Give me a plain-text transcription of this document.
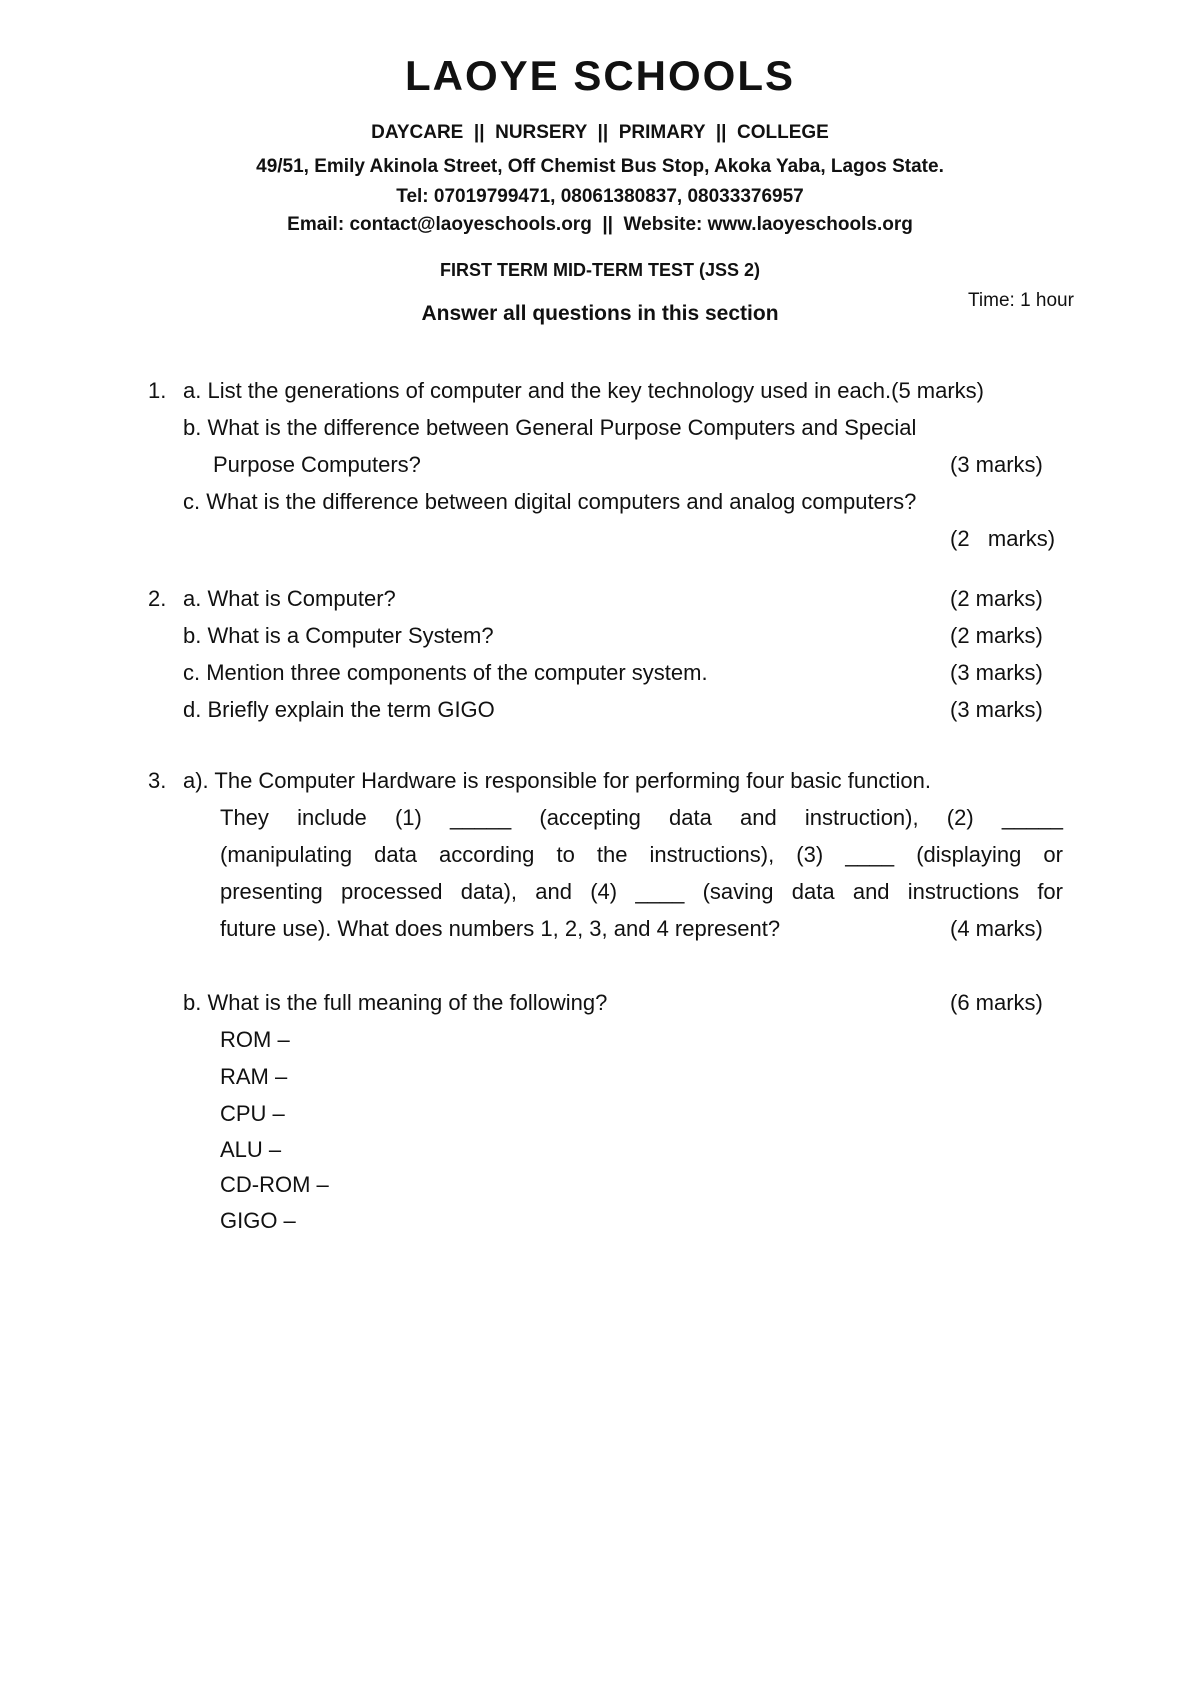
LAOYE SCHOOLS
DAYCARE  ||  NURSERY  ||  PRIMARY  ||  COLLEGE
49/51, Emily Akinola Street, Off Chemist Bus Stop, Akoka Yaba, Lagos State.
Tel: 07019799471, 08061380837, 08033376957
Email: contact@laoyeschools.org  ||  Website: www.laoyeschools.org
FIRST TERM MID-TERM TEST (JSS 2)
Answer all questions in this section
Time: 1 hour
1. a. List the generations of computer and the key technology used in each.(5 marks)
b. What is the difference between General Purpose Computers and Special
Purpose Computers?	(3 marks)
c. What is the difference between digital computers and analog computers?
(2   marks)
2. a. What is Computer?	(2 marks)
b. What is a Computer System?	(2 marks)
c. Mention three components of the computer system.	(3 marks)
d. Briefly explain the term GIGO	(3 marks)
3. a). The Computer Hardware is responsible for performing four basic function.
They include (1) _____ (accepting data and instruction), (2) _____
(manipulating data according to the instructions), (3) ____ (displaying or
presenting processed data), and (4) ____ (saving data and instructions for
future use). What does numbers 1, 2, 3, and 4 represent?	(4 marks)
b. What is the full meaning of the following?	(6 marks)
ROM –
RAM –
CPU –
ALU –
CD-ROM –
GIGO –
